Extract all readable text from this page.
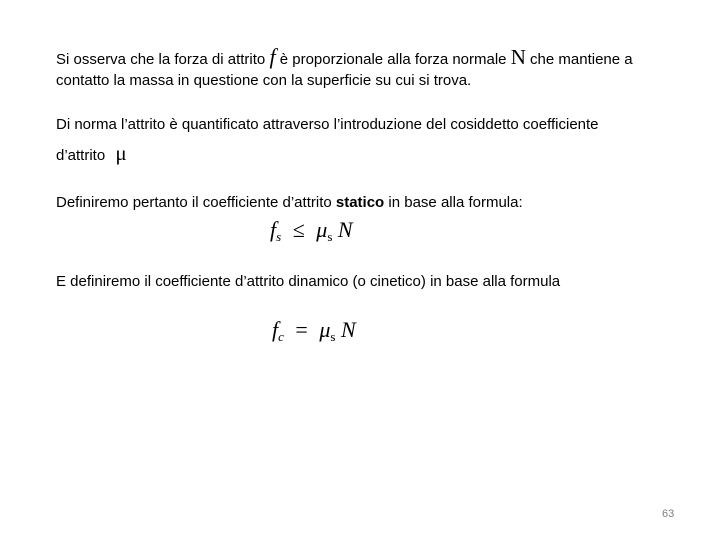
Si osserva che la forza di attrito f è proporzionale alla forza normale N che mantiene a
contatto la massa in questione con la superficie su cui si trova.
Di norma l’attrito è quantificato attraverso l’introduzione del cosiddetto coefficiente
d’attrito μ
Definiremo pertanto il coefficiente d’attrito statico in base alla formula:
fs ≤ μs N
E definiremo il coefficiente d’attrito dinamico (o cinetico) in base alla formula
fc = μs N
63
